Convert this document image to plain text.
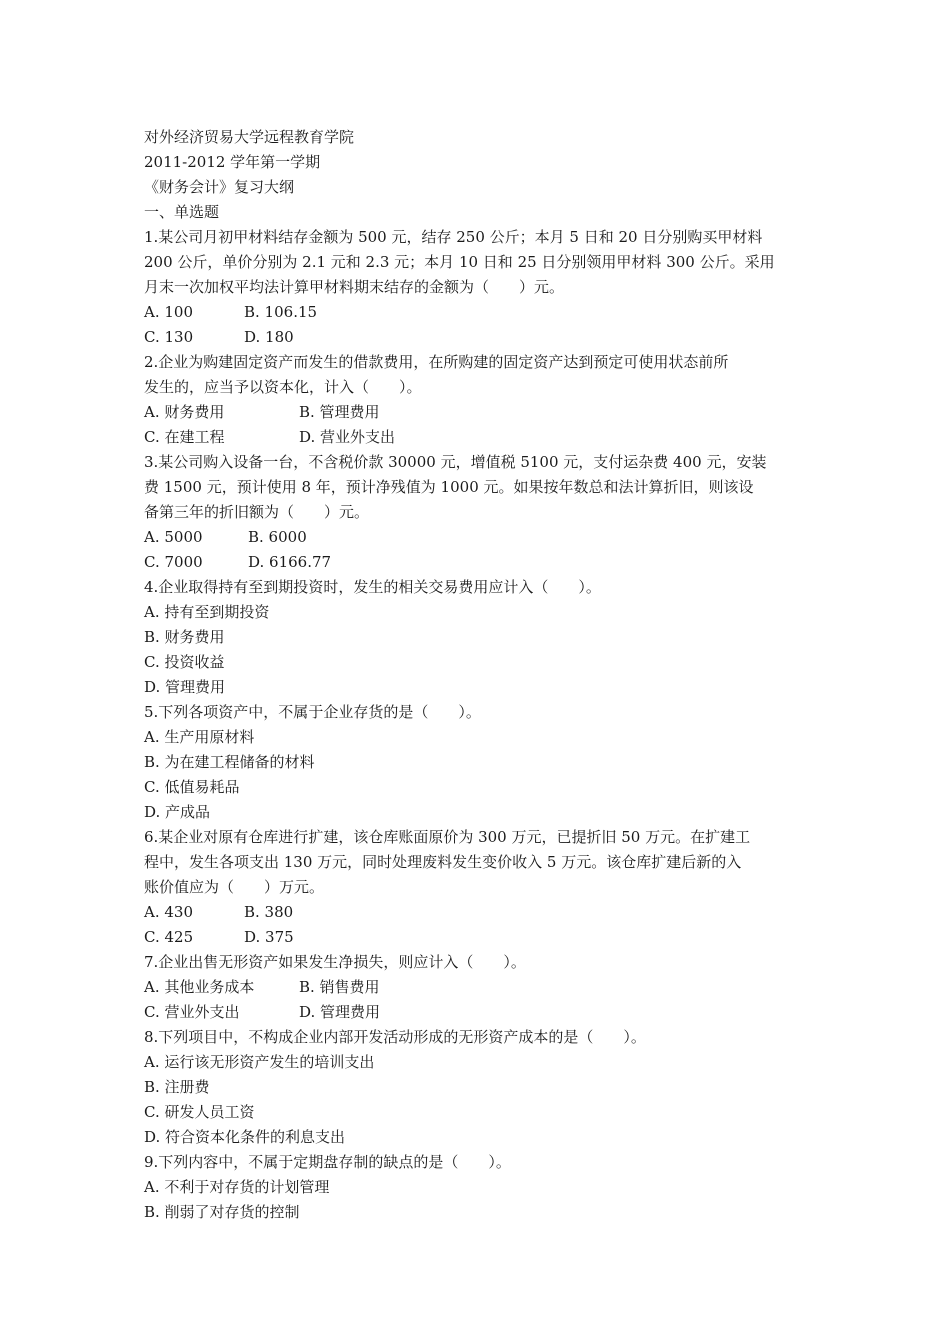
对外经济贸易大学远程教育学院

2011-2012 学年第一学期

《财务会计》复习大纲

一、单选题

1.某公司月初甲材料结存金额为 500 元，结存 250 公斤；本月 5 日和 20 日分别购买甲材料

200 公斤，单价分别为 2.1 元和 2.3 元；本月 10 日和 25 日分别领用甲材料 300 公斤。采用

月末一次加权平均法计算甲材料期末结存的金额为（　　）元。

A. 100	B. 106.15

C. 130	D. 180

2.企业为购建固定资产而发生的借款费用，在所购建的固定资产达到预定可使用状态前所

发生的，应当予以资本化，计入（　　）。

A. 财务费用	B. 管理费用

C. 在建工程	D. 营业外支出

3.某公司购入设备一台，不含税价款 30000 元，增值税 5100 元，支付运杂费 400 元，安装

费 1500 元，预计使用 8 年，预计净残值为 1000 元。如果按年数总和法计算折旧，则该设

备第三年的折旧额为（　　）元。

A. 5000	B. 6000

C. 7000	D. 6166.77

4.企业取得持有至到期投资时，发生的相关交易费用应计入（　　）。

A. 持有至到期投资

B. 财务费用

C. 投资收益

D. 管理费用

5.下列各项资产中，不属于企业存货的是（　　）。

A. 生产用原材料

B. 为在建工程储备的材料

C. 低值易耗品

D. 产成品

6.某企业对原有仓库进行扩建，该仓库账面原价为 300 万元，已提折旧 50 万元。在扩建工

程中，发生各项支出 130 万元，同时处理废料发生变价收入 5 万元。该仓库扩建后新的入

账价值应为（　　）万元。

A. 430	B. 380

C. 425	D. 375

7.企业出售无形资产如果发生净损失，则应计入（　　）。

A. 其他业务成本	B. 销售费用

C. 营业外支出	D. 管理费用

8.下列项目中，不构成企业内部开发活动形成的无形资产成本的是（　　）。

A. 运行该无形资产发生的培训支出

B. 注册费

C. 研发人员工资

D. 符合资本化条件的利息支出

9.下列内容中，不属于定期盘存制的缺点的是（　　）。

A. 不利于对存货的计划管理

B. 削弱了对存货的控制
